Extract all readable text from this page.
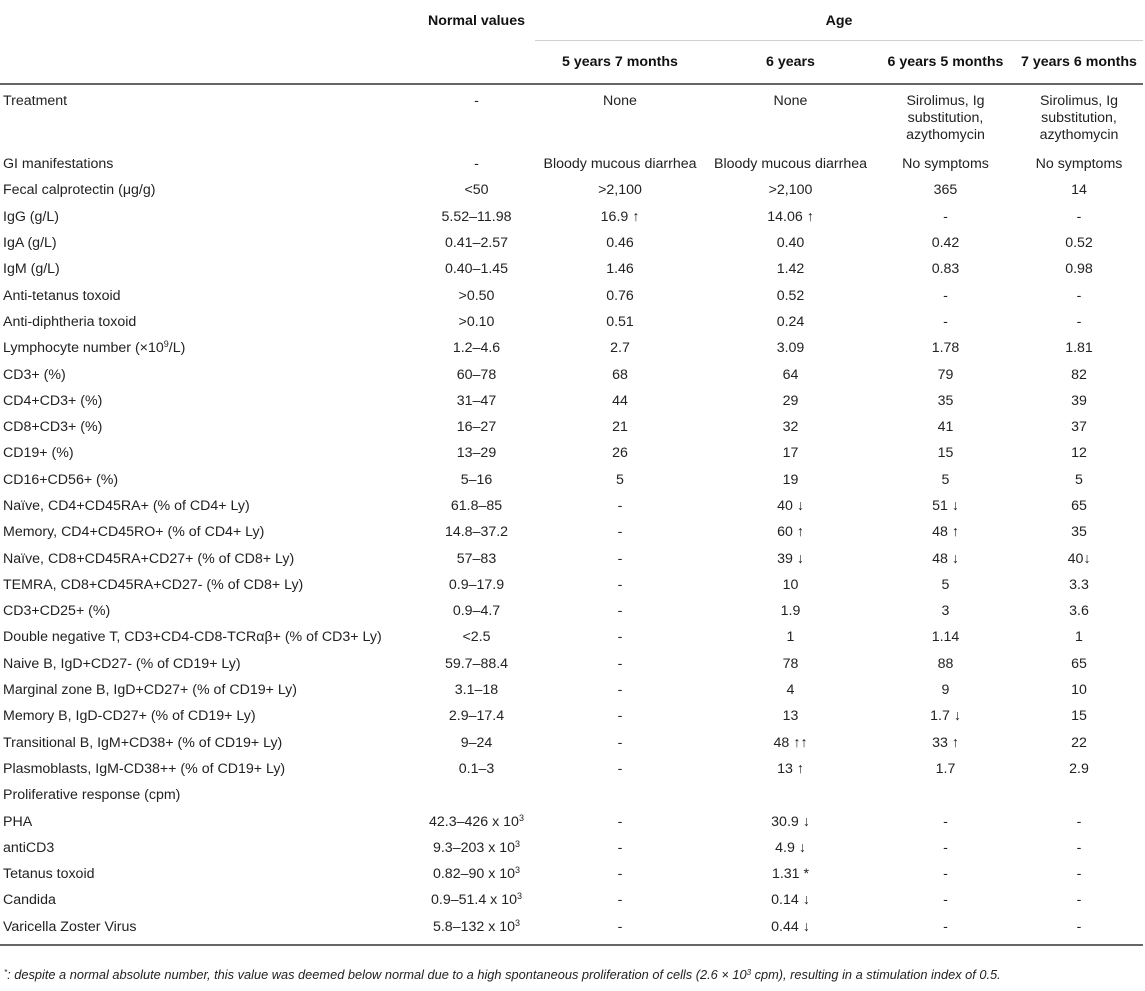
	Normal values	Age			
		5 years 7 months	6 years	6 years 5 months	7 years 6 months
Treatment	-	None	None	Sirolimus, Ig substitution, azythomycin	Sirolimus, Ig substitution, azythomycin
GI manifestations	-	Bloody mucous diarrhea	Bloody mucous diarrhea	No symptoms	No symptoms
Fecal calprotectin (μg/g)	<50	>2,100	>2,100	365	14
IgG (g/L)	5.52–11.98	16.9 ↑	14.06 ↑	-	-
IgA (g/L)	0.41–2.57	0.46	0.40	0.42	0.52
IgM (g/L)	0.40–1.45	1.46	1.42	0.83	0.98
Anti-tetanus toxoid	>0.50	0.76	0.52	-	-
Anti-diphtheria toxoid	>0.10	0.51	0.24	-	-
Lymphocyte number $(\times 10^9/L)$	1.2–4.6	2.7	3.09	1.78	1.81
CD3+ (%)	60–78	68	64	79	82
CD4+CD3+ (%)	31–47	44	29	35	39
CD8+CD3+ (%)	16–27	21	32	41	37
CD19+ (%)	13–29	26	17	15	12
CD16+CD56+ (%)	5–16	5	19	5	5
Naïve, CD4+CD45RA+ (% of CD4+ Ly)	61.8–85	-	40 ↓	51 ↓	65
Memory, CD4+CD45RO+ (% of CD4+ Ly)	14.8–37.2	-	60 ↑	48 ↑	35
Naïve, CD8+CD45RA+CD27+ (% of CD8+ Ly)	57–83	-	39 ↓	48 ↓	40↓
TEMRA, CD8+CD45RA+CD27- (% of CD8+ Ly)	0.9–17.9	-	10	5	3.3
CD3+CD25+ (%)	0.9–4.7	-	1.9	3	3.6
Double negative T, CD3+CD4-CD8-TCRαβ+ (% of CD3+ Ly)	<2.5	-	1	1.14	1
Naive B, IgD+CD27- (% of CD19+ Ly)	59.7–88.4	-	78	88	65
Marginal zone B, IgD+CD27+ (% of CD19+ Ly)	3.1–18	-	4	9	10
Memory B, IgD-CD27+ (% of CD19+ Ly)	2.9–17.4	-	13	1.7 ↓	15
Transitional B, IgM+CD38+ (% of CD19+ Ly)	9–24	-	48 ↑↑	33 ↑	22
Plasmoblasts, IgM-CD38++ (% of CD19+ Ly)	0.1–3	-	13 ↑	1.7	2.9
Proliferative response (cpm)					
PHA	42.3–426 x $10^3$	-	30.9 ↓	-	-
antiCD3	9.3–203 x $10^3$	-	4.9 ↓	-	-
Tetanus toxoid	0.82–90 x $10^3$	-	1.31 *	-	-
Candida	0.9–51.4 x $10^3$	-	0.14 ↓	-	-
Varicella Zoster Virus	5.8–132 x $10^3$	-	0.44 ↓	-	-
*: despite a normal absolute number, this value was deemed below normal due to a high spontaneous proliferation of cells ($2.6 \times 10^3$ cpm), resulting in a stimulation index of 0.5.
